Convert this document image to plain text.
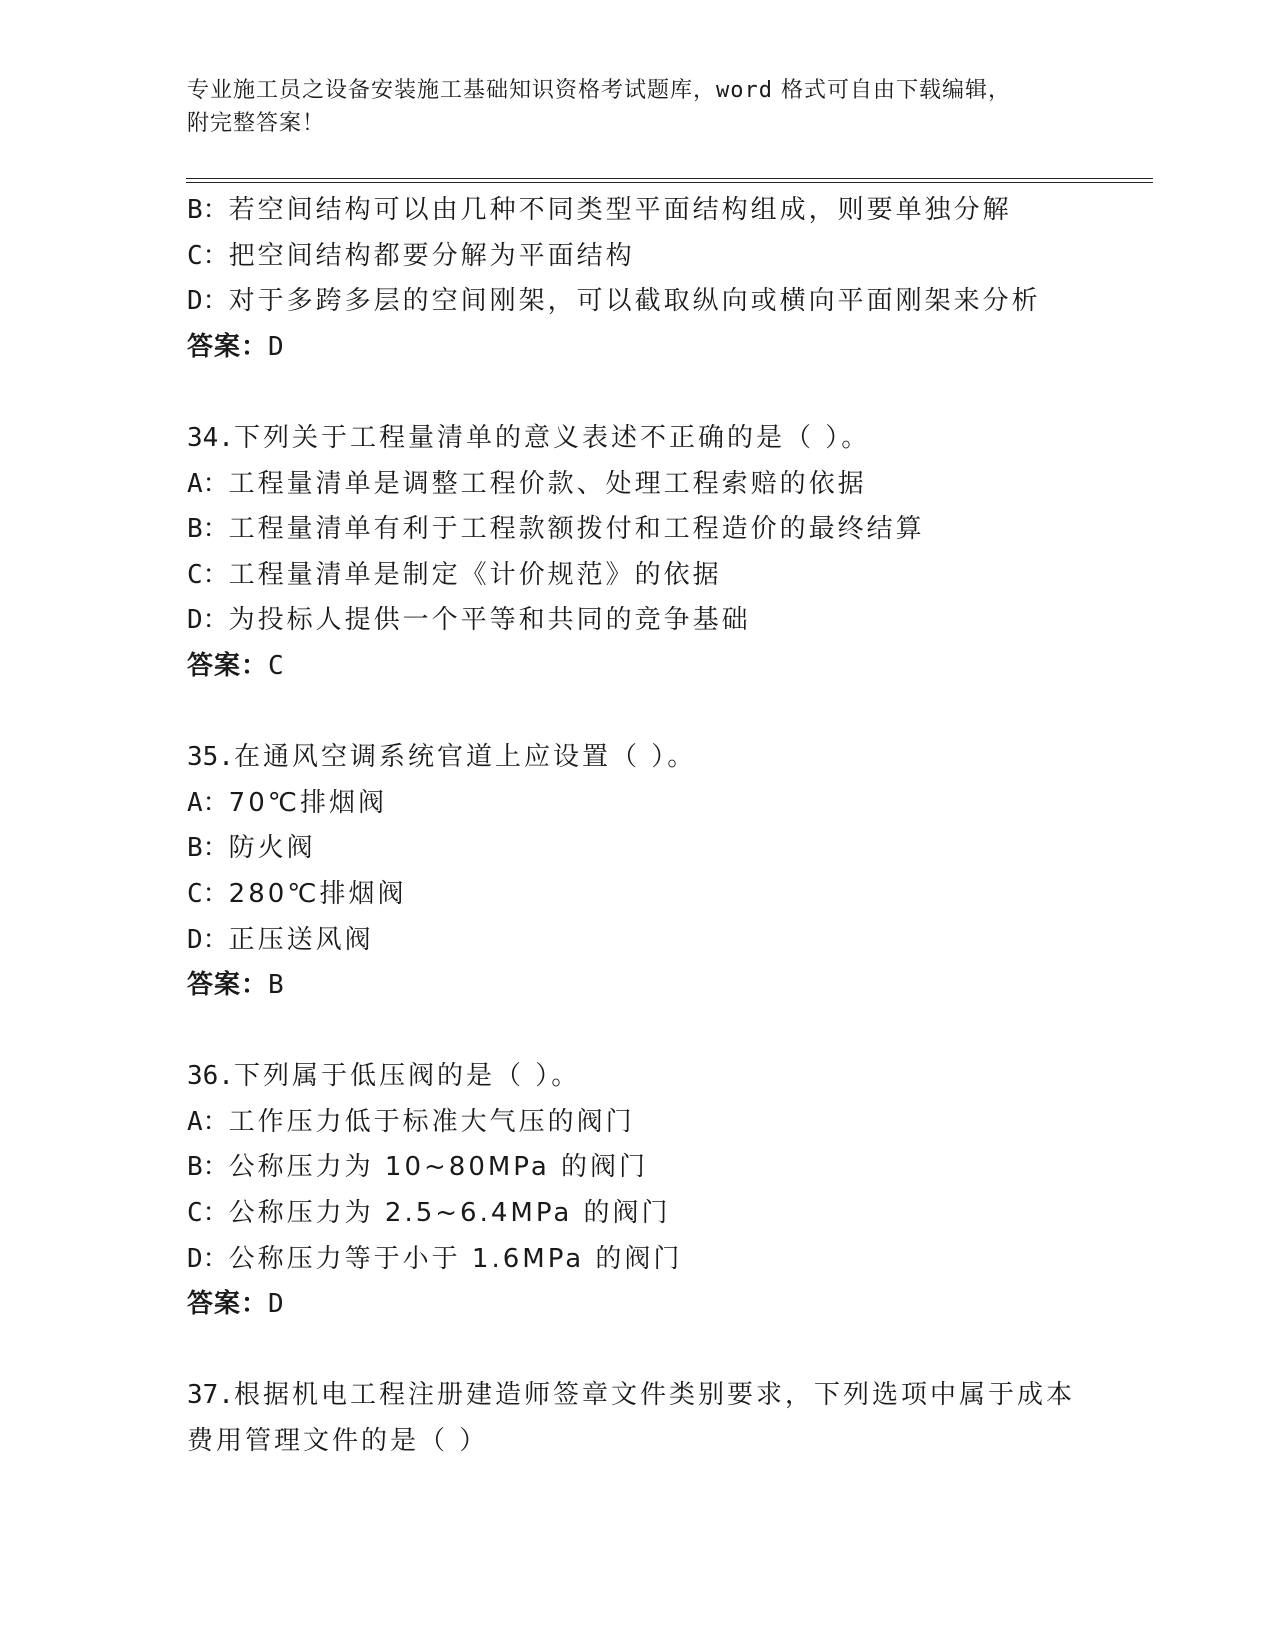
专业施工员之设备安装施工基础知识资格考试题库，word 格式可自由下载编辑，
附完整答案！
B：若空间结构可以由几种不同类型平面结构组成，则要单独分解
C：把空间结构都要分解为平面结构
D：对于多跨多层的空间刚架，可以截取纵向或横向平面刚架来分析
答案：D
34.下列关于工程量清单的意义表述不正确的是（ ）。
A：工程量清单是调整工程价款、处理工程索赔的依据
B：工程量清单有利于工程款额拨付和工程造价的最终结算
C：工程量清单是制定《计价规范》的依据
D：为投标人提供一个平等和共同的竞争基础
答案：C
35.在通风空调系统官道上应设置（ ）。
A：70℃排烟阀
B：防火阀
C：280℃排烟阀
D：正压送风阀
答案：B
36.下列属于低压阀的是（ ）。
A：工作压力低于标准大气压的阀门
B：公称压力为 10~80MPa 的阀门
C：公称压力为 2.5~6.4MPa 的阀门
D：公称压力等于小于 1.6MPa 的阀门
答案：D
37.根据机电工程注册建造师签章文件类别要求，下列选项中属于成本
费用管理文件的是（ ）
